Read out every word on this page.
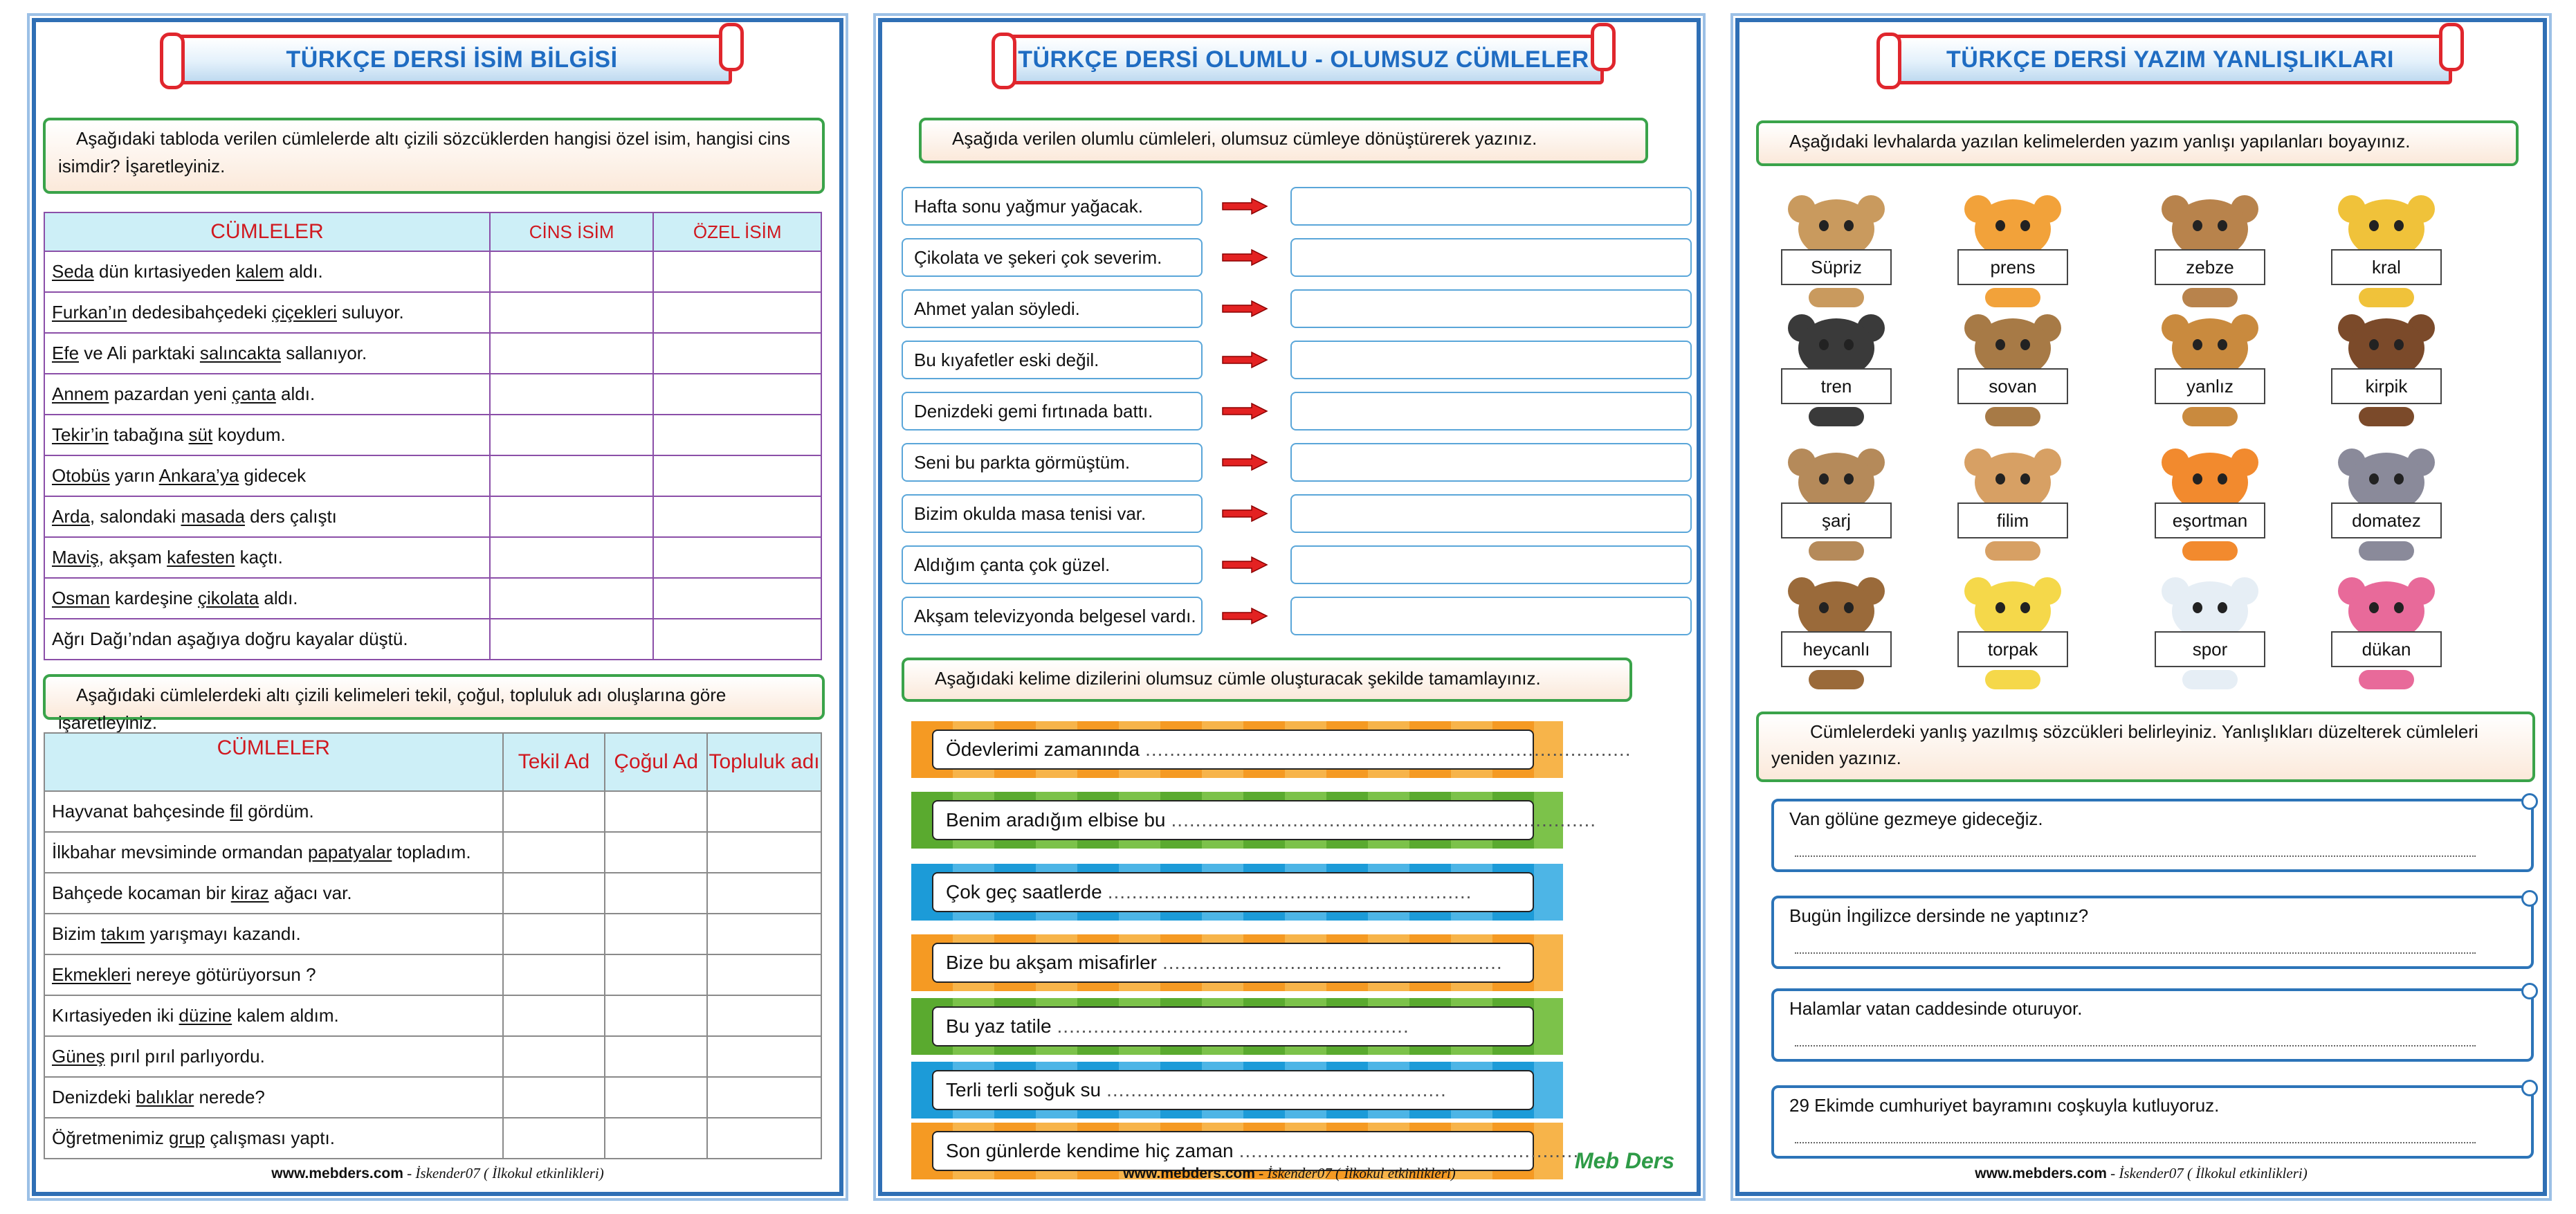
TÜRKÇE DERSİ İSİM BİLGİSİ
Aşağıdaki tabloda verilen cümlelerde altı çizili sözcüklerden hangisi özel isim, hangisi cins isimdir? İşaretleyiniz.
CÜMLELER	CİNS İSİM	ÖZEL İSİM
Seda dün kırtasiyeden kalem aldı.		
Furkan’ın dedesibahçedeki çiçekleri suluyor.		
Efe ve Ali parktaki salıncakta sallanıyor.		
Annem pazardan yeni çanta aldı.		
Tekir’in tabağına süt koydum.		
Otobüs yarın Ankara’ya gidecek		
Arda, salondaki masada ders çalıştı		
Maviş, akşam kafesten kaçtı.		
Osman kardeşine çikolata aldı.		
Ağrı Dağı’ndan aşağıya doğru kayalar düştü.		
Aşağıdaki cümlelerdeki altı çizili kelimeleri tekil, çoğul, topluluk adı oluşlarına göre işaretleyiniz.
CÜMLELER	Tekil Ad	Çoğul Ad	Topluluk adı
Hayvanat bahçesinde fil gördüm.			
İlkbahar mevsiminde ormandan papatyalar topladım.			
Bahçede kocaman bir kiraz ağacı var.			
Bizim takım yarışmayı kazandı.			
Ekmekleri nereye götürüyorsun ?			
Kırtasiyeden iki düzine kalem aldım.			
Güneş pırıl pırıl parlıyordu.			
Denizdeki balıklar nerede?			
Öğretmenimiz grup çalışması yaptı.			
www.mebders.com - İskender07 ( İlkokul etkinlikleri)
TÜRKÇE DERSİ OLUMLU - OLUMSUZ CÜMLELER
Aşağıda verilen olumlu cümleleri, olumsuz cümleye dönüştürerek yazınız.
Hafta sonu yağmur yağacak.
Çikolata ve şekeri çok severim.
Ahmet yalan söyledi.
Bu kıyafetler eski değil.
Denizdeki gemi fırtınada battı.
Seni bu parkta görmüştüm.
Bizim okulda masa tenisi var.
Aldığım çanta çok güzel.
Akşam televizyonda belgesel vardı.
Aşağıdaki kelime dizilerini olumsuz cümle oluşturacak şekilde tamamlayınız.
Ödevlerimi zamanında ................................................................................
Benim aradığım elbise bu ......................................................................
Çok geç saatlerde ............................................................
Bize bu akşam misafirler ........................................................
Bu yaz tatile ..........................................................
Terli terli soğuk su ........................................................
Son günlerde kendime hiç zaman ........................................................
Meb Ders
www.mebders.com - İskender07 ( İlkokul etkinlikleri)
TÜRKÇE DERSİ YAZIM YANLIŞLIKLARI
Aşağıdaki levhalarda yazılan kelimelerden yazım yanlışı yapılanları boyayınız.
Süpriz	prens	zebze	kral
tren	sovan	yanlız	kirpik
şarj	filim	eşortman	domatez
heycanlı	torpak	spor	dükan
Cümlelerdeki yanlış yazılmış sözcükleri belirleyiniz. Yanlışlıkları düzelterek cümleleri yeniden yazınız.
Van gölüne gezmeye gideceğiz.
Bugün İngilizce dersinde ne yaptınız?
Halamlar vatan caddesinde oturuyor.
29 Ekimde cumhuriyet bayramını coşkuyla kutluyoruz.
www.mebders.com - İskender07 ( İlkokul etkinlikleri)
